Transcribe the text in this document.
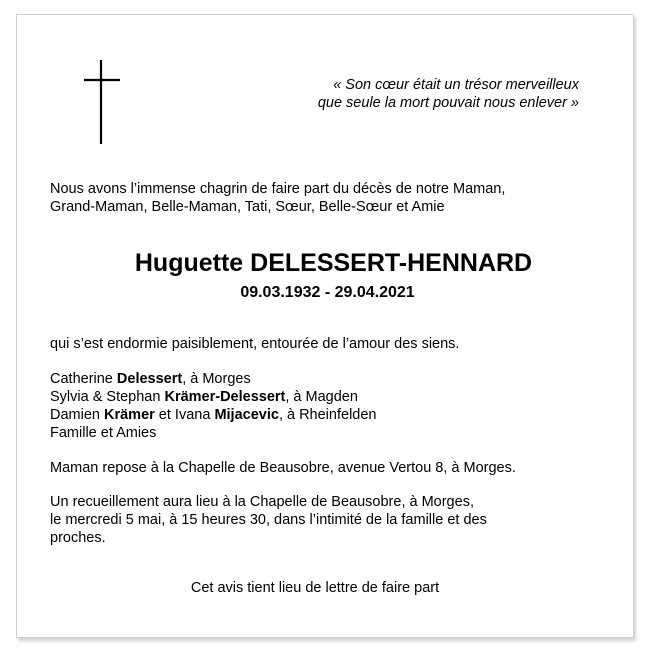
« Son cœur était un trésor merveilleux
que seule la mort pouvait nous enlever »
Nous avons l’immense chagrin de faire part du décès de notre Maman,
Grand-Maman, Belle-Maman, Tati, Sœur, Belle-Sœur et Amie
Huguette DELESSERT-HENNARD
09.03.1932 - 29.04.2021
qui s’est endormie paisiblement, entourée de l’amour des siens.
Catherine Delessert, à Morges
Sylvia & Stephan Krämer-Delessert, à Magden
Damien Krämer et Ivana Mijacevic, à Rheinfelden
Famille et Amies
Maman repose à la Chapelle de Beausobre, avenue Vertou 8, à Morges.
Un recueillement aura lieu à la Chapelle de Beausobre, à Morges,
le mercredi 5 mai, à 15 heures 30, dans l’intimité de la famille et des
proches.
Cet avis tient lieu de lettre de faire part
